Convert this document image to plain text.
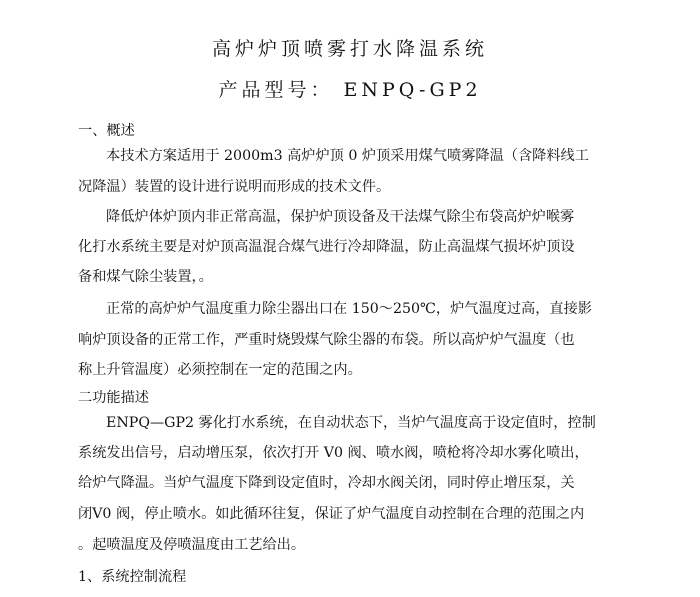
高炉炉顶喷雾打水降温系统
产品型号： ENPQ-GP2
一、概述
本技术方案适用于 2000m3 高炉炉顶 0 炉顶采用煤气喷雾降温（含降料线工
况降温）装置的设计进行说明而形成的技术文件。
降低炉体炉顶内非正常高温，保护炉顶设备及干法煤气除尘布袋高炉炉喉雾
化打水系统主要是对炉顶高温混合煤气进行冷却降温，防止高温煤气损坏炉顶设
备和煤气除尘装置，。
正常的高炉炉气温度重力除尘器出口在 150～250℃，炉气温度过高，直接影
响炉顶设备的正常工作，严重时烧毁煤气除尘器的布袋。所以高炉炉气温度（也
称上升管温度）必须控制在一定的范围之内。
二功能描述
ENPQ—GP2 雾化打水系统，在自动状态下，当炉气温度高于设定值时，控制
系统发出信号，启动增压泵，依次打开 V0 阀、喷水阀，喷枪将冷却水雾化喷出，
给炉气降温。当炉气温度下降到设定值时，冷却水阀关闭，同时停止增压泵，关
闭V0 阀，停止喷水。如此循环往复，保证了炉气温度自动控制在合理的范围之内
。起喷温度及停喷温度由工艺给出。
1、系统控制流程
